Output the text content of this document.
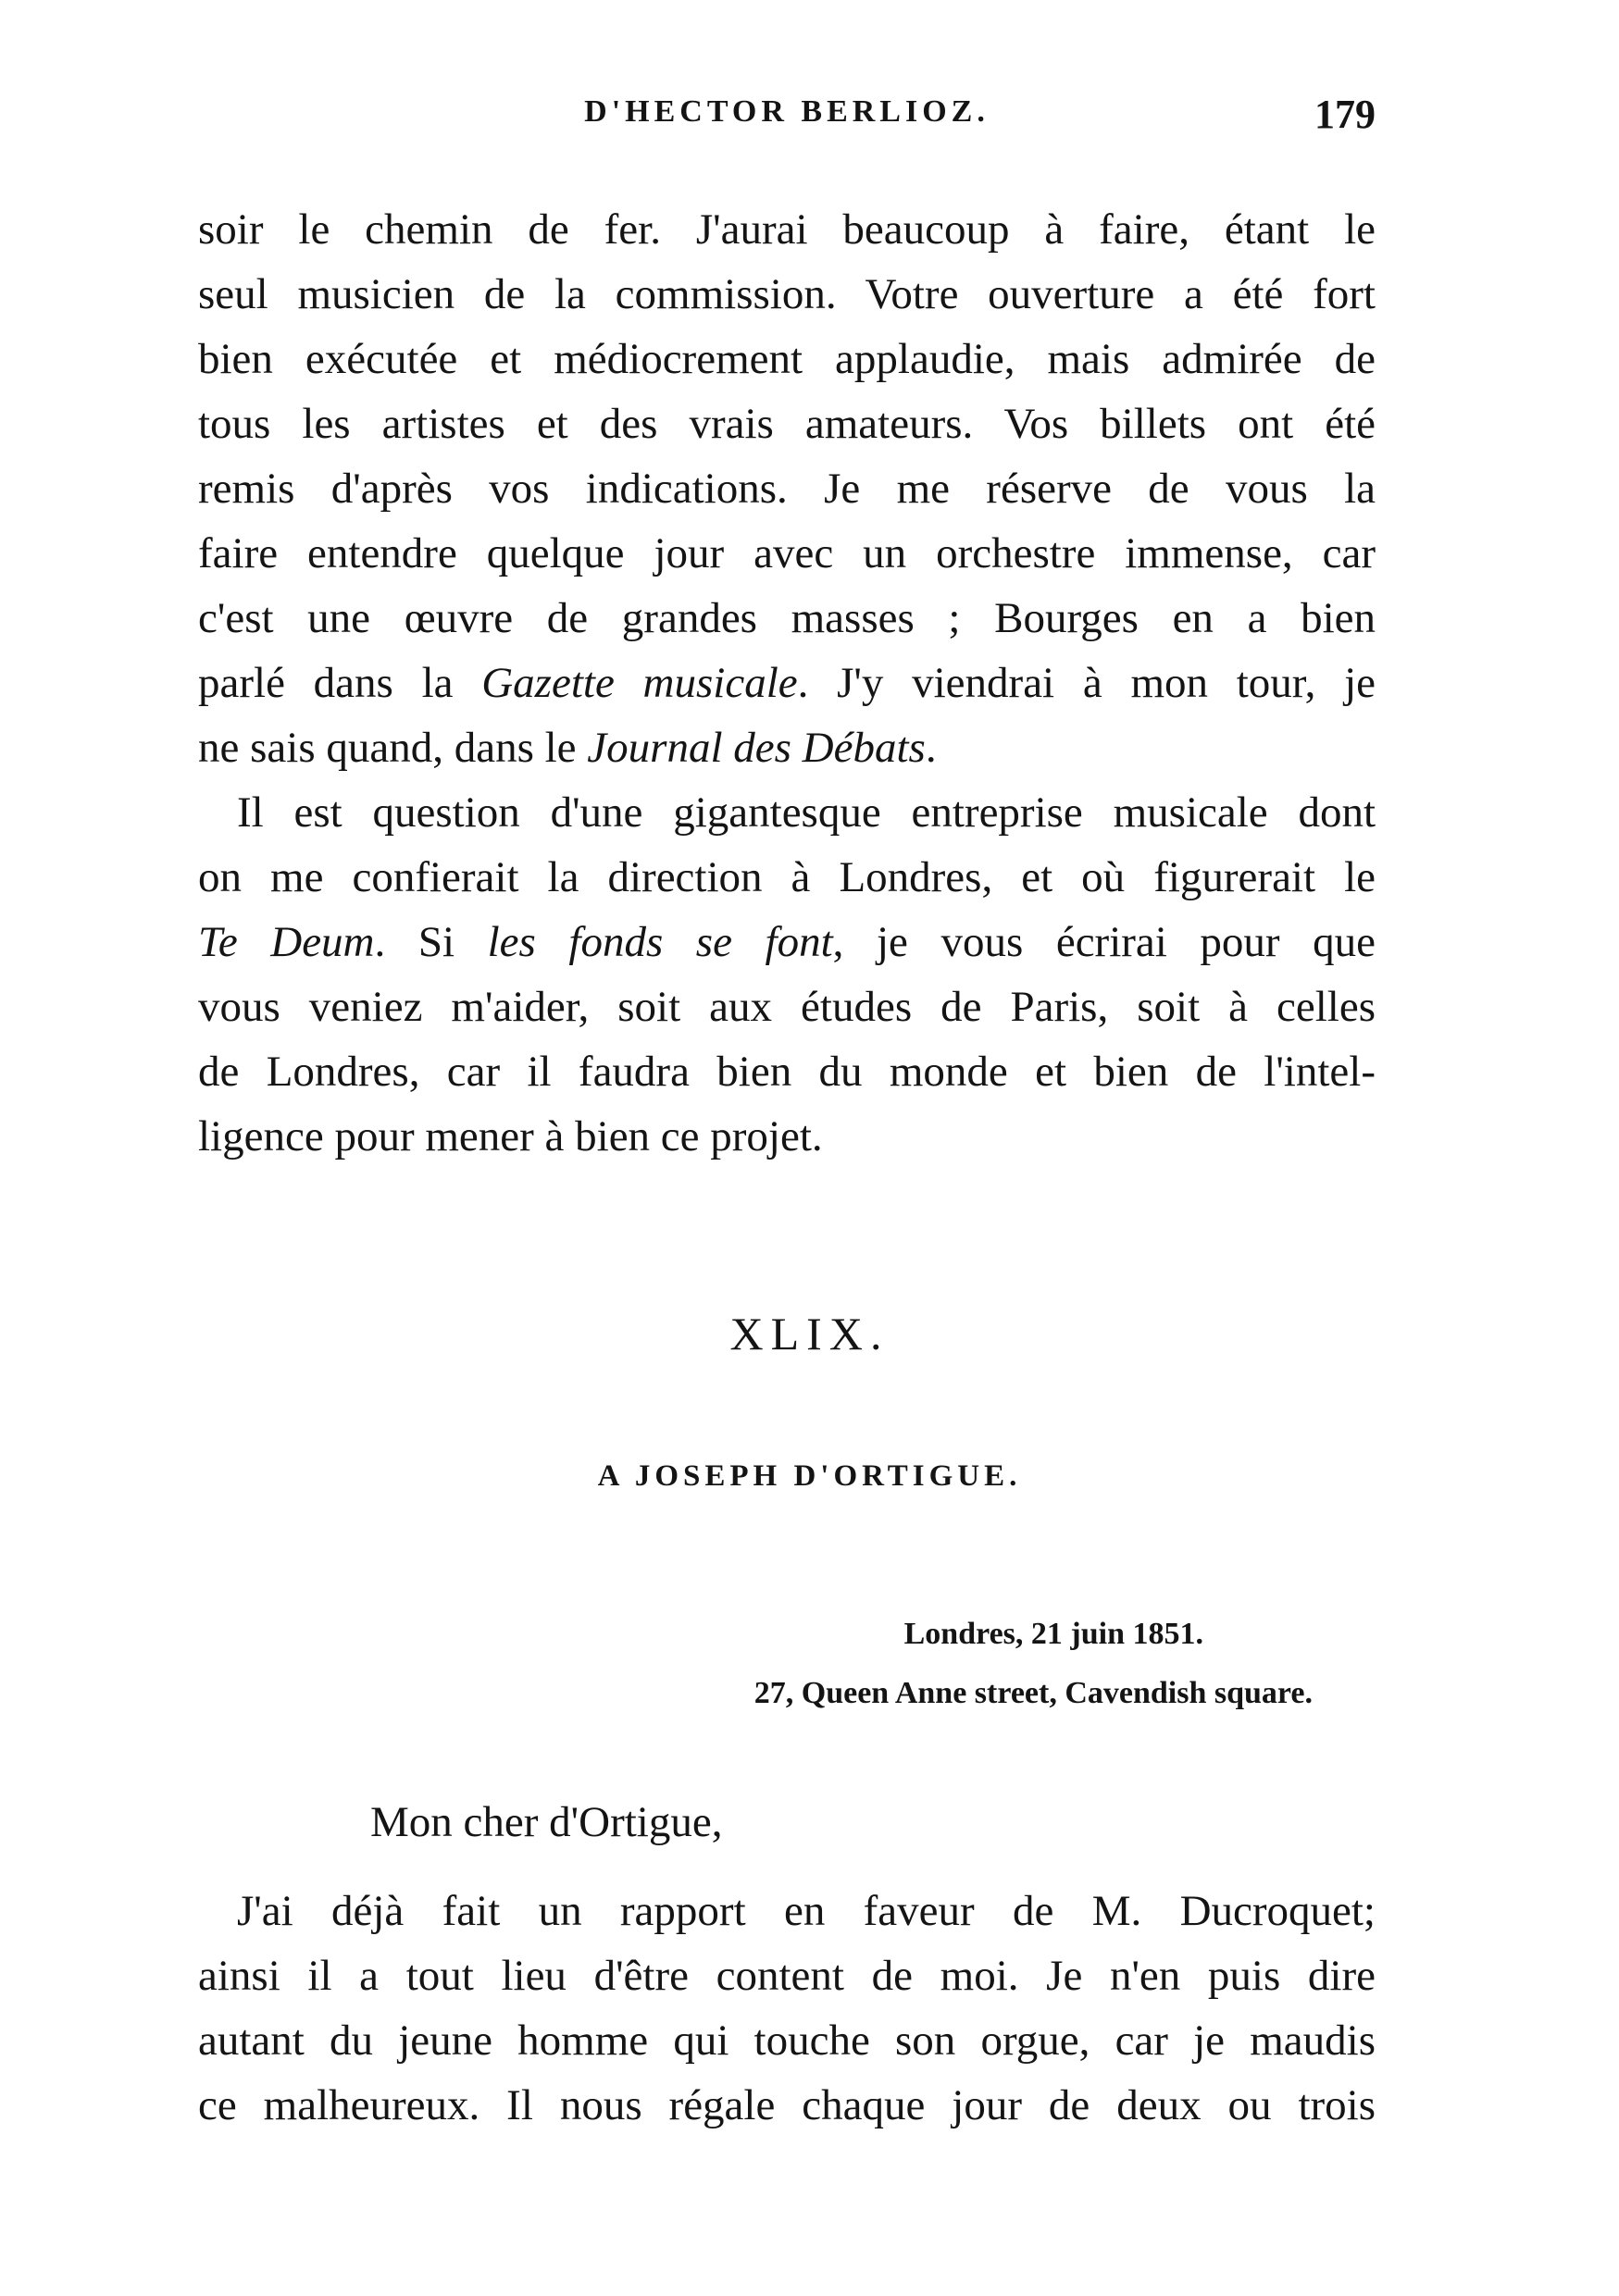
D'HECTOR BERLIOZ.	179
soir le chemin de fer. J'aurai beaucoup à faire, étant le
seul musicien de la commission. Votre ouverture a été fort
bien exécutée et médiocrement applaudie, mais admirée de
tous les artistes et des vrais amateurs. Vos billets ont été
remis d'après vos indications. Je me réserve de vous la
faire entendre quelque jour avec un orchestre immense, car
c'est une œuvre de grandes masses ; Bourges en a bien
parlé dans la Gazette musicale. J'y viendrai à mon tour, je
ne sais quand, dans le Journal des Débats.
Il est question d'une gigantesque entreprise musicale dont
on me confierait la direction à Londres, et où figurerait le
Te Deum. Si les fonds se font, je vous écrirai pour que
vous veniez m'aider, soit aux études de Paris, soit à celles
de Londres, car il faudra bien du monde et bien de l'intel-
ligence pour mener à bien ce projet.
XLIX.
A JOSEPH D'ORTIGUE.
Londres, 21 juin 1851.
27, Queen Anne street, Cavendish square.
Mon cher d'Ortigue,
J'ai déjà fait un rapport en faveur de M. Ducroquet;
ainsi il a tout lieu d'être content de moi. Je n'en puis dire
autant du jeune homme qui touche son orgue, car je maudis
ce malheureux. Il nous régale chaque jour de deux ou trois
